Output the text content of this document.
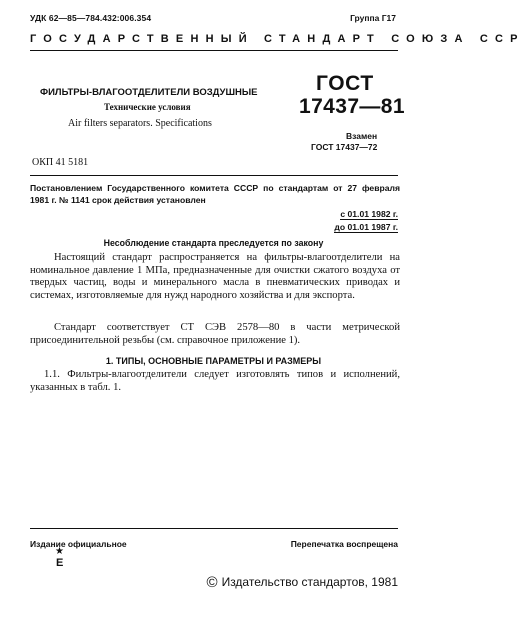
УДК 62—85—784.432:006.354	Группа Г17
ГОСУДАРСТВЕННЫЙ СТАНДАРТ СОЮЗА ССР
ФИЛЬТРЫ-ВЛАГООТДЕЛИТЕЛИ ВОЗДУШНЫЕ
Технические условия
Air filters separators. Specifications
ГОСТ
17437—81
Взамен
ГОСТ 17437—72
ОКП 41 5181
Постановлением Государственного комитета СССР по стандартам от 27 февраля 1981 г. № 1141 срок действия установлен
с 01.01 1982 г.
до 01.01 1987 г.
Несоблюдение стандарта преследуется по закону
Настоящий стандарт распространяется на фильтры-влагоотделители на номинальное давление 1 МПа, предназначенные для очистки сжатого воздуха от твердых частиц, воды и минерального масла в пневматических приводах и системах, изготовляемые для нужд народного хозяйства и для экспорта.
Стандарт соответствует СТ СЭВ 2578—80 в части метрической присоединительной резьбы (см. справочное приложение 1).
1. ТИПЫ, ОСНОВНЫЕ ПАРАМЕТРЫ И РАЗМЕРЫ
1.1. Фильтры-влагоотделители следует изготовлять типов и исполнений, указанных в табл. 1.
Издание официальное	Перепечатка воспрещена
★
Е
© Издательство стандартов, 1981
